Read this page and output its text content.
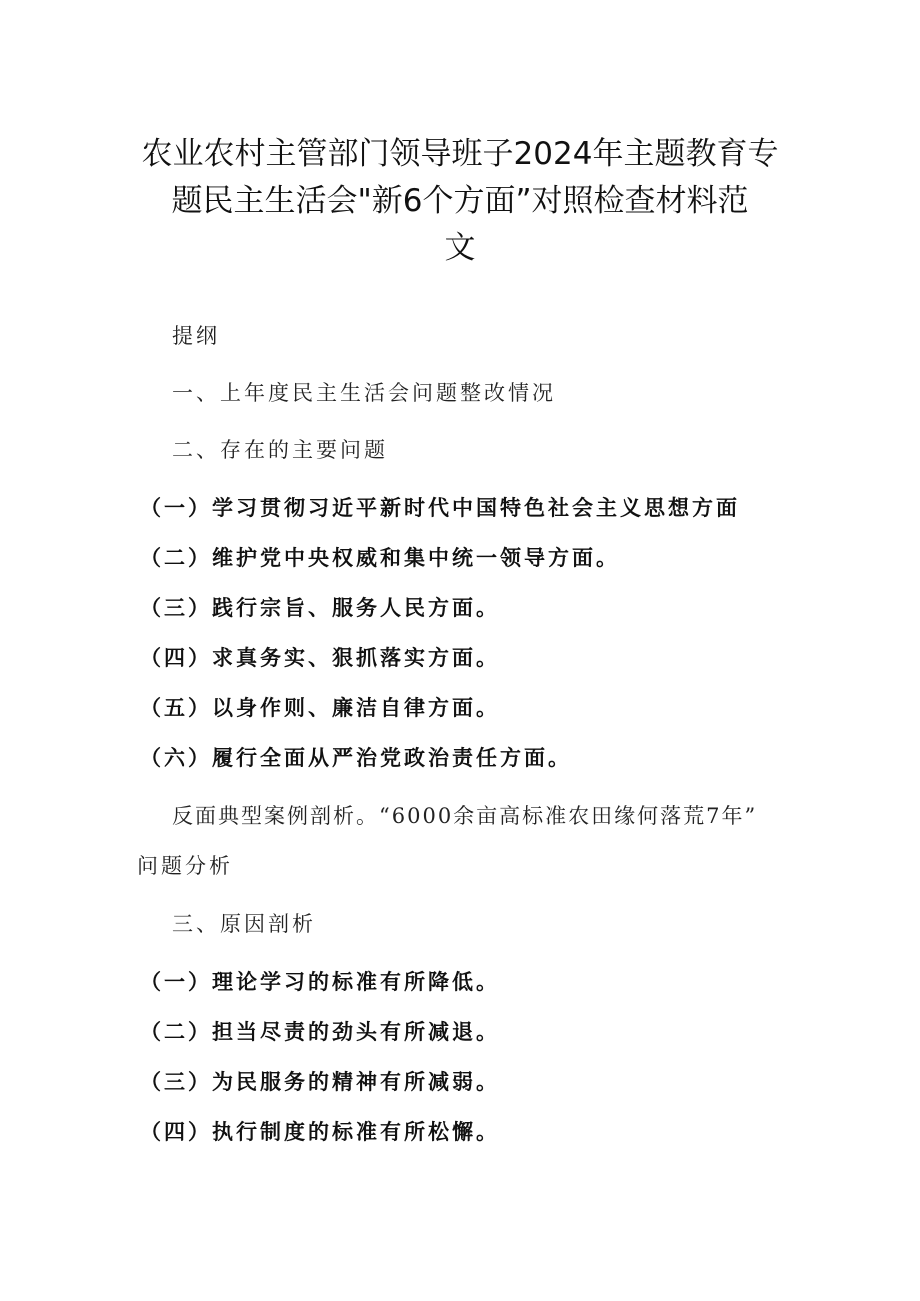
农业农村主管部门领导班子2024年主题教育专
题民主生活会"新6个方面”对照检查材料范
文

提纲

一、上年度民主生活会问题整改情况

二、存在的主要问题

（一）学习贯彻习近平新时代中国特色社会主义思想方面

（二）维护党中央权威和集中统一领导方面。

（三）践行宗旨、服务人民方面。

（四）求真务实、狠抓落实方面。

（五）以身作则、廉洁自律方面。

（六）履行全面从严治党政治责任方面。

反面典型案例剖析。“6000余亩高标准农田缘何落荒7年”

问题分析

三、原因剖析

（一）理论学习的标准有所降低。

（二）担当尽责的劲头有所减退。

（三）为民服务的精神有所减弱。

（四）执行制度的标准有所松懈。
